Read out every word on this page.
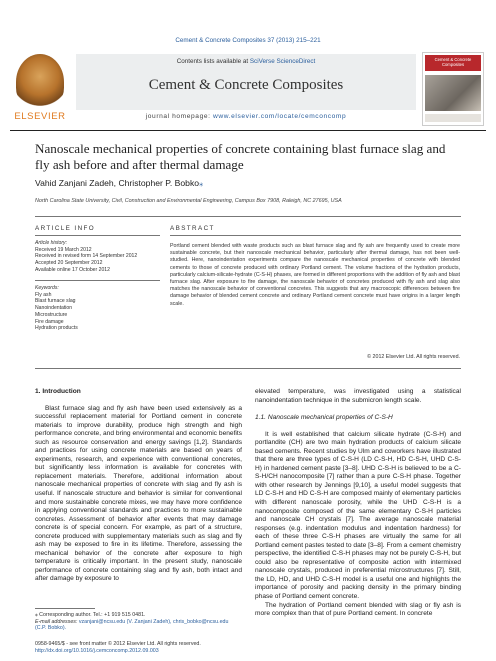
Cement & Concrete Composites 37 (2013) 215–221
ELSEVIER
Contents lists available at SciVerse ScienceDirect
Cement & Concrete Composites
journal homepage: www.elsevier.com/locate/cemconcomp
Cement & Concrete Composites
Nanoscale mechanical properties of concrete containing blast furnace slag and fly ash before and after thermal damage
Vahid Zanjani Zadeh, Christopher P. Bobko⁎
North Carolina State University, Civil, Construction and Environmental Engineering, Campus Box 7908, Raleigh, NC 27695, USA
ARTICLE INFO	ABSTRACT
Article history:
Received 19 March 2012
Received in revised form 14 September 2012
Accepted 20 September 2012
Available online 17 October 2012
Keywords:
Fly ash
Blast furnace slag
Nanoindentation
Microstructure
Fire damage
Hydration products
Portland cement blended with waste products such as blast furnace slag and fly ash are frequently used to create more sustainable concrete, but their nanoscale mechanical behavior, particularly after thermal damage, has not been well-studied. Here, nanoindentation experiments compare the nanoscale mechanical properties of concrete with blended cements to those of concrete produced with ordinary Portland cement. The volume fractions of the hydration products, particularly calcium-silicate-hydrate (C-S-H) phases, are formed in different proportions with the addition of fly ash and blast furnace slag. After exposure to fire damage, the nanoscale behavior of concretes produced with fly ash and slag also matches the nanoscale behavior of conventional concretes. This suggests that any macroscopic differences between fire damage behavior of blended cement concrete and ordinary Portland cement concrete must have origins in a larger length scale.
© 2012 Elsevier Ltd. All rights reserved.
1. Introduction

Blast furnace slag and fly ash have been used extensively as a successful replacement material for Portland cement in concrete materials to improve durability, produce high strength and high performance concrete, and bring environmental and economic benefits such as resource conservation and energy savings [1,2]. Standards and practices for using concrete materials are based on years of experiments, research, and experience with conventional concretes, but significantly less information is available for concretes with replacement materials. Therefore, additional information about nanoscale mechanical properties of concrete with slag and fly ash is useful. If nanoscale structure and behavior is similar for conventional and more sustainable concrete mixes, we may have more confidence in applying conventional standards and practices to more sustainable concretes. Assessment of behavior after events that may damage concrete is of special concern. For example, as part of a structure, concrete produced with supplementary materials such as slag and fly ash may be exposed to fire in its lifetime. Therefore, assessing the mechanical behavior of the concrete after exposure to high temperature is critically important. In the present study, nanoscale performance of concrete containing slag and fly ash, both intact and after damage by exposure to

elevated temperature, was investigated using a statistical nanoindentation technique in the submicron length scale.
1.1. Nanoscale mechanical properties of C-S-H

It is well established that calcium silicate hydrate (C-S-H) and portlandite (CH) are two main hydration products of calcium silicate based cements. Recent studies by Ulm and coworkers have illustrated that there are three types of C-S-H (LD C-S-H, HD C-S-H, UHD C-S-H) in hardened cement paste [3–8]. UHD C-S-H is believed to be a C-S-H/CH nanocomposite [7] rather than a pure C-S-H phase. Together with other research by Jennings [9,10], a useful model suggests that LD C-S-H and HD C-S-H are composed mainly of elementary particles with different nanoscale porosity, while the UHD C-S-H is a nanocomposite composed of the same elementary C-S-H particles and nanoscale CH crystals [7]. The average nanoscale material responses (e.g. indentation modulus and indentation hardness) for each of these three C-S-H phases are virtually the same for all Portland cement pastes tested to date [3–8]. From a cement chemistry perspective, the identified C-S-H phases may not be purely C-S-H, but could also be representative of composite action with intermixed nanoscale crystals, produced in preferential microstructures [7]. Still, the LD, HD, and UHD C-S-H model is a useful one and highlights the importance of porosity and packing density in the primary binding phase of Portland cement concrete.

The hydration of Portland cement blended with slag or fly ash is more complex than that of pure Portland cement. In concrete

⁎ Corresponding author. Tel.: +1 919 515 0481.
E-mail addresses: vzanjani@ncsu.edu (V. Zanjani Zadeh), chris_bobko@ncsu.edu (C.P. Bobko).
0958-9465/$ - see front matter © 2012 Elsevier Ltd. All rights reserved.
http://dx.doi.org/10.1016/j.cemconcomp.2012.09.003
